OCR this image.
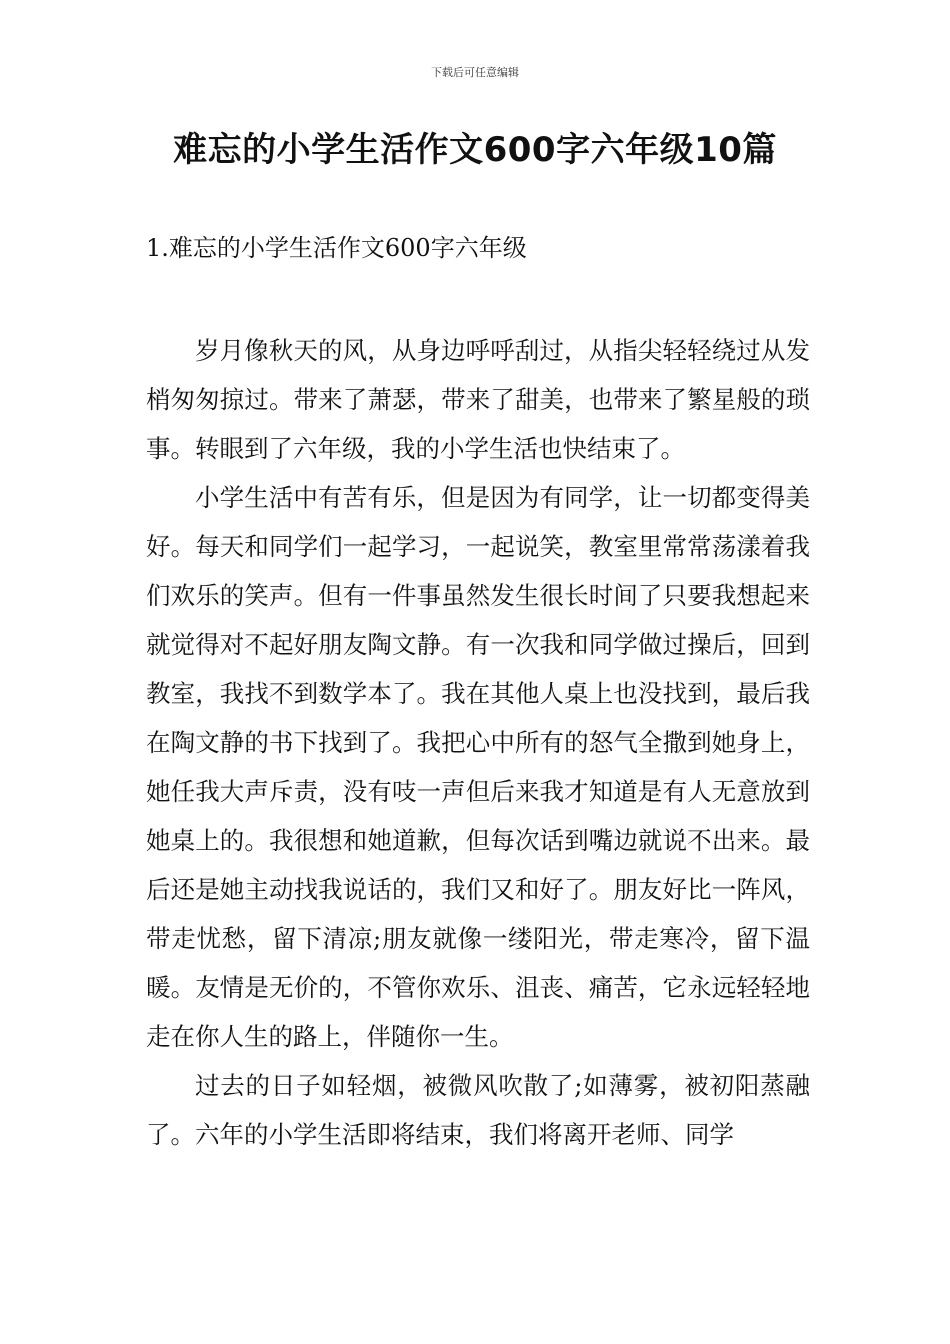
下载后可任意编辑
难忘的小学生活作文600字六年级10篇
1.难忘的小学生活作文600字六年级

岁月像秋天的风，从身边呼呼刮过，从指尖轻轻绕过从发梢匆匆掠过。带来了萧瑟，带来了甜美，也带来了繁星般的琐事。转眼到了六年级，我的小学生活也快结束了。

小学生活中有苦有乐，但是因为有同学，让一切都变得美好。每天和同学们一起学习，一起说笑，教室里常常荡漾着我们欢乐的笑声。但有一件事虽然发生很长时间了只要我想起来就觉得对不起好朋友陶文静。有一次我和同学做过操后，回到教室，我找不到数学本了。我在其他人桌上也没找到，最后我在陶文静的书下找到了。我把心中所有的怒气全撒到她身上，她任我大声斥责，没有吱一声但后来我才知道是有人无意放到她桌上的。我很想和她道歉，但每次话到嘴边就说不出来。最后还是她主动找我说话的，我们又和好了。朋友好比一阵风，带走忧愁，留下清凉;朋友就像一缕阳光，带走寒冷，留下温暖。友情是无价的，不管你欢乐、沮丧、痛苦，它永远轻轻地走在你人生的路上，伴随你一生。

过去的日子如轻烟，被微风吹散了;如薄雾，被初阳蒸融了。六年的小学生活即将结束，我们将离开老师、同学
